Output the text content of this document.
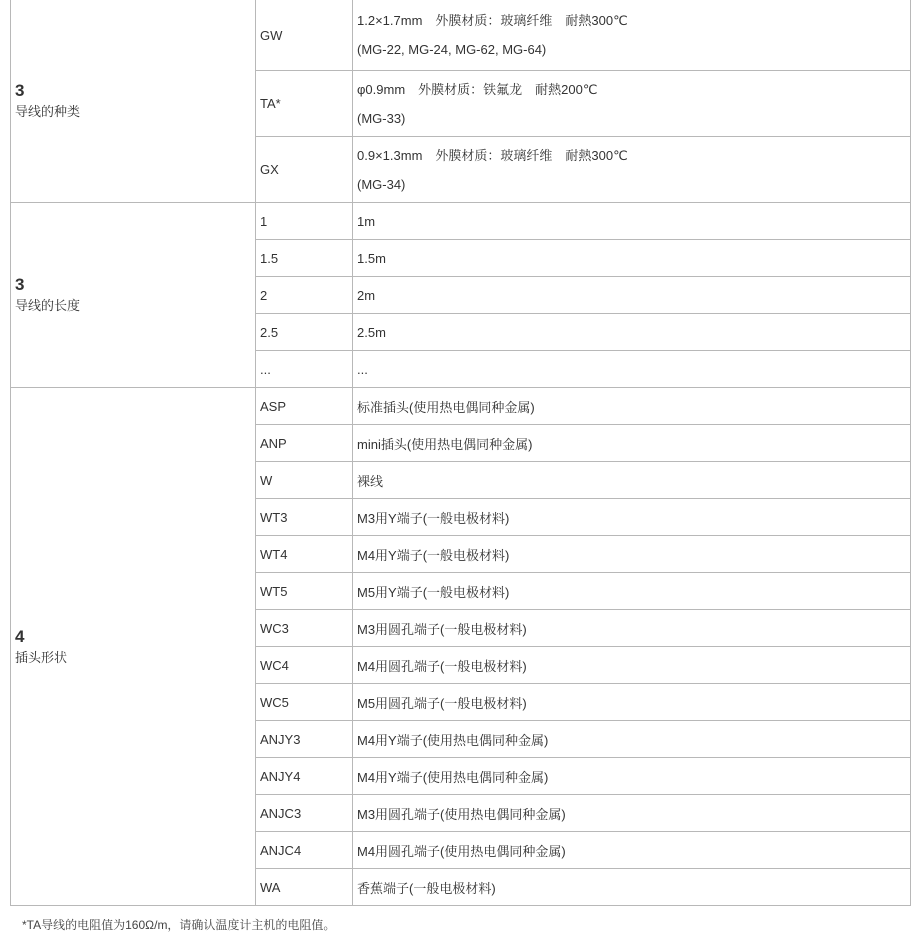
3
导线的种类	GW	1.2×1.7mm　外膜材质：玻璃纤维　耐熱300℃
(MG-22, MG-24, MG-62, MG-64)

	TA*	φ0.9mm　外膜材质：铁氟龙　耐熱200℃
(MG-33)

	GX	0.9×1.3mm　外膜材质：玻璃纤维　耐熱300℃
(MG-34)

3
导线的长度	1	1m
	1.5	1.5m
	2	2m
	2.5	2.5m
	...	...

4
插头形状	ASP	标准插头(使用热电偶同种金属)
	ANP	mini插头(使用热电偶同种金属)
	W	裸线
	WT3	M3用Y端子(一般电极材料)
	WT4	M4用Y端子(一般电极材料)
	WT5	M5用Y端子(一般电极材料)
	WC3	M3用圆孔端子(一般电极材料)
	WC4	M4用圆孔端子(一般电极材料)
	WC5	M5用圆孔端子(一般电极材料)
	ANJY3	M4用Y端子(使用热电偶同种金属)
	ANJY4	M4用Y端子(使用热电偶同种金属)
	ANJC3	M3用圆孔端子(使用热电偶同种金属)
	ANJC4	M4用圆孔端子(使用热电偶同种金属)
	WA	香蕉端子(一般电极材料)
*TA导线的电阻值为160Ω/m，请确认温度计主机的电阻值。
